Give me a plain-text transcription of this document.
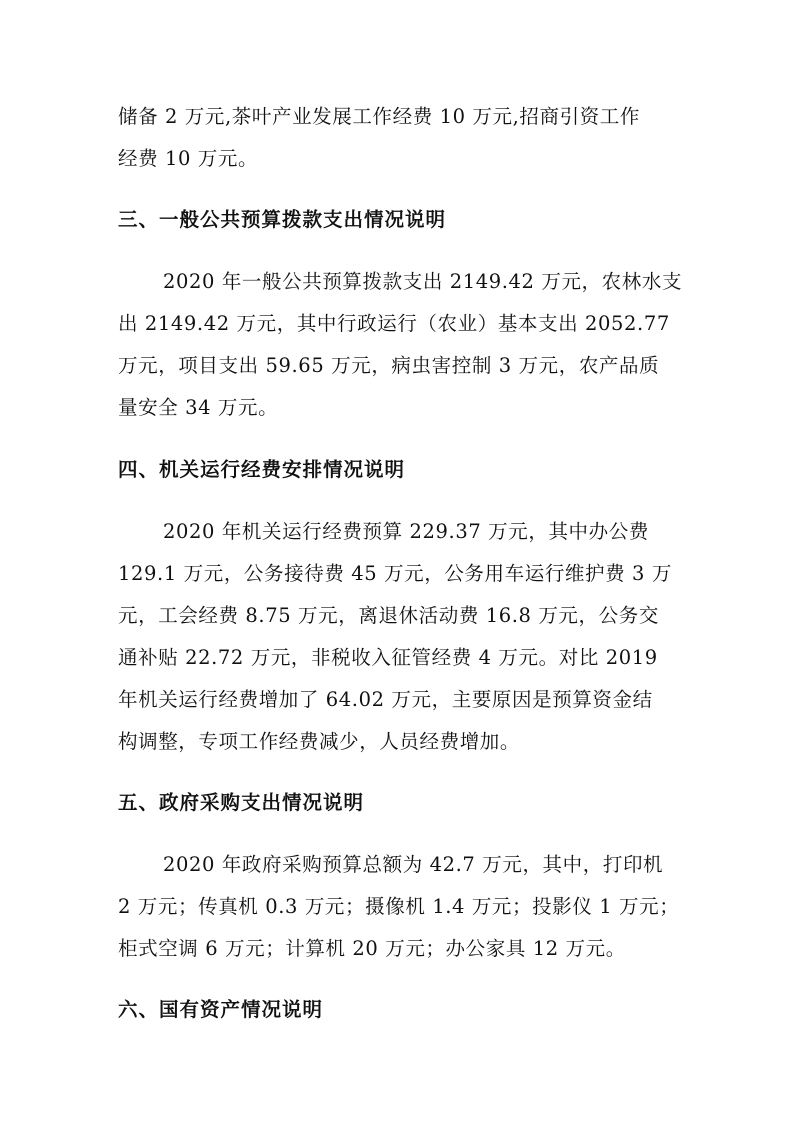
储备 2 万元,茶叶产业发展工作经费 10 万元,招商引资工作
经费 10 万元。
三、一般公共预算拨款支出情况说明
2020 年一般公共预算拨款支出 2149.42 万元，农林水支
出 2149.42 万元，其中行政运行（农业）基本支出 2052.77
万元，项目支出 59.65 万元，病虫害控制 3 万元，农产品质
量安全 34 万元。
四、机关运行经费安排情况说明
2020 年机关运行经费预算 229.37 万元，其中办公费
129.1 万元，公务接待费 45 万元，公务用车运行维护费 3 万
元，工会经费 8.75 万元，离退休活动费 16.8 万元，公务交
通补贴 22.72 万元，非税收入征管经费 4 万元。对比 2019
年机关运行经费增加了 64.02 万元，主要原因是预算资金结
构调整，专项工作经费减少，人员经费增加。
五、政府采购支出情况说明
2020 年政府采购预算总额为 42.7 万元，其中，打印机
2 万元；传真机 0.3 万元；摄像机 1.4 万元；投影仪 1 万元；
柜式空调 6 万元；计算机 20 万元；办公家具 12 万元。
六、国有资产情况说明
